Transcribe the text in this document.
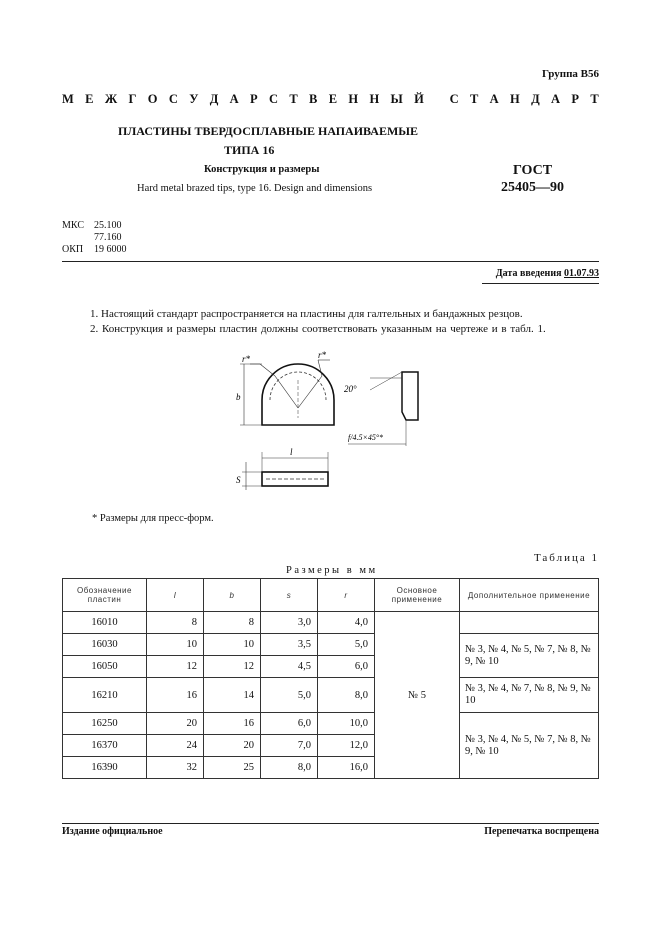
Группа В56
М Е Ж Г О С У Д А Р С Т В Е Н Н Ы Й
С Т А Н Д А Р Т
ПЛАСТИНЫ ТВЕРДОСПЛАВНЫЕ НАПАИВАЕМЫЕ
ТИПА 16
Конструкция и размеры
Hard metal brazed tips, type 16. Design and dimensions
ГОСТ
25405—90
МКС 25.100
77.160
ОКП 19 6000
Дата введения 01.07.93
1. Настоящий стандарт распространяется на пластины для галтельных и бандажных резцов.
2. Конструкция и размеры пластин должны соответствовать указанным на чертеже и в табл. 1.
r*	r*
b
20°
f/4.5×45°*
l
S
* Размеры для пресс-форм.
Таблица 1
Размеры в мм
Обозначение пластин	l	b	s	r	Основное применение	Дополнительное применение
16010	8	8	3,0	4,0	№ 5	
16030	10	10	3,5	5,0		№ 3, № 4, № 5, № 7, № 8, № 9, № 10
16050	12	12	4,5	6,0		
16210	16	14	5,0	8,0		№ 3, № 4, № 7, № 8, № 9, № 10
16250	20	16	6,0	10,0		№ 3, № 4, № 5, № 7, № 8, № 9, № 10
16370	24	20	7,0	12,0		
16390	32	25	8,0	16,0		
Издание официальное	Перепечатка воспрещена
